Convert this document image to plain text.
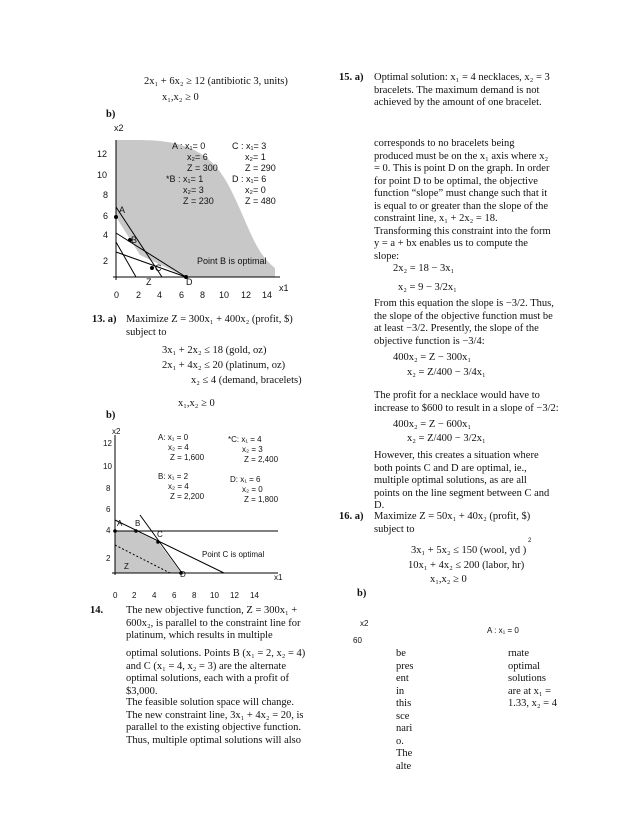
2x₁ + 6x₂ ≥ 12 (antibiotic 3, units)
x₁,x₂ ≥ 0
b)
x2
x1
12
10
8
6
4
2
0 2 4 6 8 10 12 14
A : x₁= 0
x₂= 6
Z = 300
*B : x₁= 1
x₂= 3
Z = 230
C : x₁= 3
x₂= 1
Z = 290
D : x₁= 6
x₂= 0
Z = 480
A
B
C
D
Z
Point B is optimal
13. a) Maximize Z = 300x₁ + 400x₂ (profit, $)
subject to
3x₁ + 2x₂ ≤ 18 (gold, oz)
2x₁ + 4x₂ ≤ 20 (platinum, oz)
x₂ ≤ 4 (demand, bracelets)
x₁,x₂ ≥ 0
b)
x2
x1
12
10
8
6
4
2
0 2 4 6 8 10 12 14
A: x₁ = 0
x₂ = 4
Z = 1,600
B: x₁ = 2
x₂ = 4
Z = 2,200
*C: x₁ = 4
x₂ = 3
Z = 2,400
D: x₁ = 6
x₂ = 0
Z = 1,800
A B
C
D
Z
Point C is optimal
14. The new objective function, Z = 300x₁ + 600x₂, is parallel to the constraint line for platinum, which results in multiple
optimal solutions. Points B (x₁ = 2, x₂ = 4) and C (x₁ = 4, x₂ = 3) are the alternate optimal solutions, each with a profit of $3,000.
The feasible solution space will change. The new constraint line, 3x₁ + 4x₂ = 20, is parallel to the existing objective function. Thus, multiple optimal solutions will also
15. a) Optimal solution: x₁ = 4 necklaces, x₂ = 3 bracelets. The maximum demand is not achieved by the amount of one bracelet.
corresponds to no bracelets being produced must be on the x₁ axis where x₂ = 0. This is point D on the graph. In order for point D to be optimal, the objective function “slope” must change such that it is equal to or greater than the slope of the constraint line, x₁ + 2x₂ = 18. Transforming this constraint into the form y = a + bx enables us to compute the slope:
2x₂ = 18 − 3x₁
x₂ = 9 − 3/2x₁
From this equation the slope is −3/2. Thus, the slope of the objective function must be at least −3/2. Presently, the slope of the objective function is −3/4:
400x₂ = Z − 300x₁
x₂ = Z/400 − 3/4x₁
The profit for a necklace would have to increase to $600 to result in a slope of −3/2:
400x₂ = Z − 600x₁
x₂ = Z/400 − 3/2x₁
However, this creates a situation where both points C and D are optimal, ie., multiple optimal solutions, as are all points on the line segment between C and D.
16. a) Maximize Z = 50x₁ + 40x₂ (profit, $)
subject to
2
3x₁ + 5x₂ ≤ 150 (wool, yd )
10x₁ + 4x₂ ≤ 200 (labor, hr)
x₁,x₂ ≥ 0
b)
x2
A : x₁ = 0
60
be
pres
ent
in
this
sce
nari
o.
The
alte
rnate
optimal
solutions
are at x₁ =
1.33, x₂ = 4
